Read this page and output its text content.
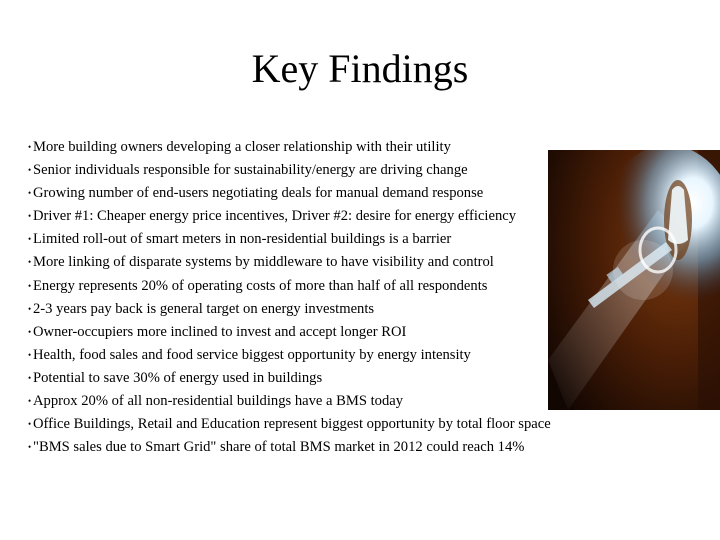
Key Findings
• More building owners developing a closer relationship with their utility
• Senior individuals responsible for sustainability/energy are driving change
• Growing number of end-users negotiating deals for manual demand response
• Driver #1: Cheaper energy price incentives, Driver #2: desire for energy efficiency
• Limited roll-out of smart meters in non-residential buildings is a barrier
• More linking of disparate systems by middleware to have visibility and control
• Energy represents 20% of operating costs of more than half of all respondents
• 2-3 years pay back is general target on energy investments
• Owner-occupiers more inclined to invest and accept longer ROI
• Health, food sales and food service biggest opportunity by energy intensity
• Potential to save 30% of energy used in buildings
• Approx 20% of all non-residential buildings have a BMS today
• Office Buildings, Retail and Education represent biggest opportunity by total floor space
• "BMS sales due to Smart Grid" share of total BMS market in 2012 could reach 14%
